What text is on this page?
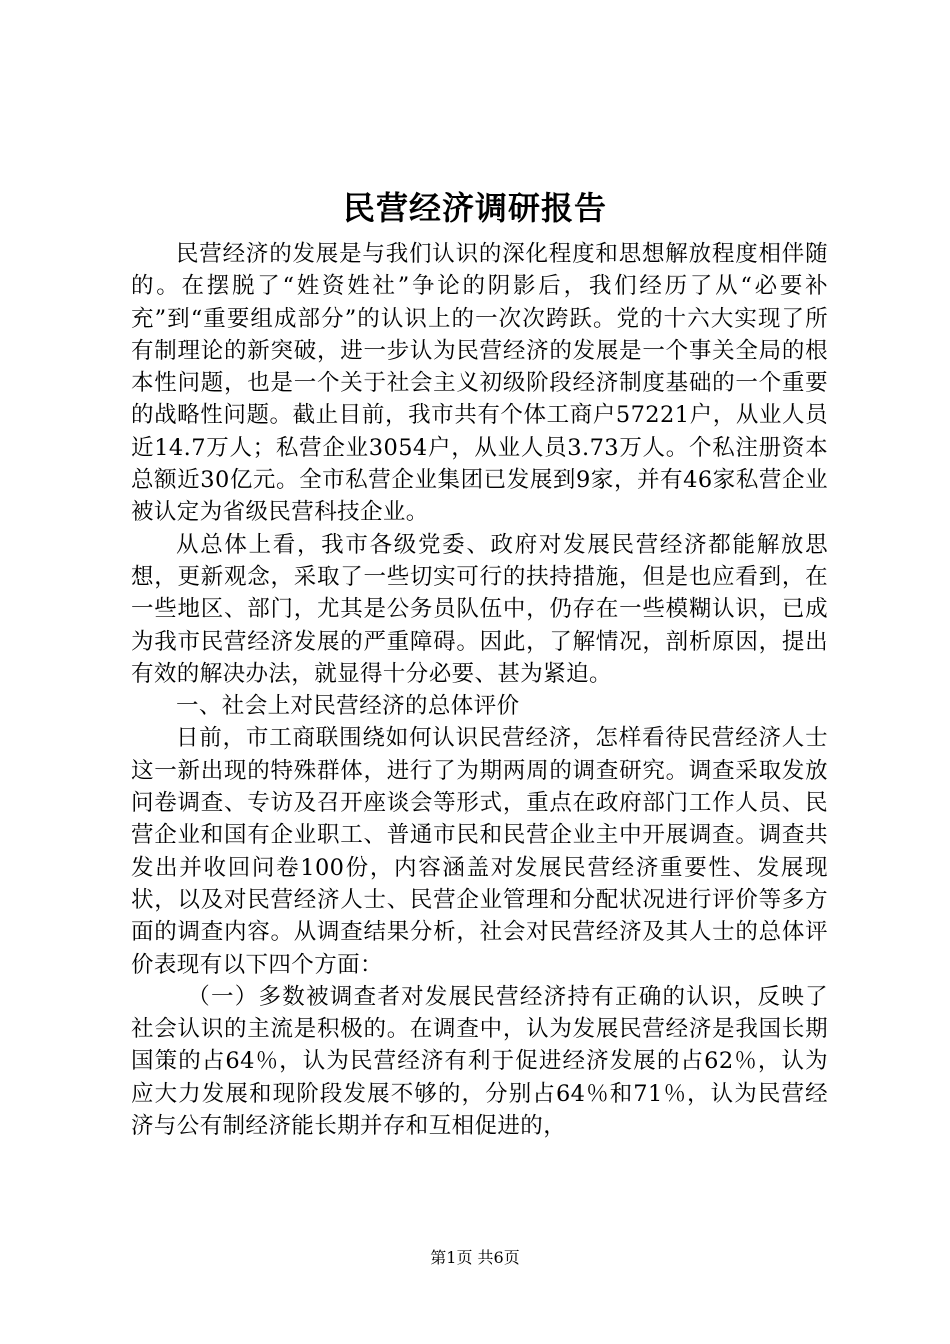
民营经济调研报告

民营经济的发展是与我们认识的深化程度和思想解放程度相伴随的。在摆脱了“姓资姓社”争论的阴影后，我们经历了从“必要补充”到“重要组成部分”的认识上的一次次跨跃。党的十六大实现了所有制理论的新突破，进一步认为民营经济的发展是一个事关全局的根本性问题，也是一个关于社会主义初级阶段经济制度基础的一个重要的战略性问题。截止目前，我市共有个体工商户57221户，从业人员近14.7万人；私营企业3054户，从业人员3.73万人。个私注册资本总额近30亿元。全市私营企业集团已发展到9家，并有46家私营企业被认定为省级民营科技企业。

从总体上看，我市各级党委、政府对发展民营经济都能解放思想，更新观念，采取了一些切实可行的扶持措施，但是也应看到，在一些地区、部门，尤其是公务员队伍中，仍存在一些模糊认识，已成为我市民营经济发展的严重障碍。因此，了解情况，剖析原因，提出有效的解决办法，就显得十分必要、甚为紧迫。

一、社会上对民营经济的总体评价

日前，市工商联围绕如何认识民营经济，怎样看待民营经济人士这一新出现的特殊群体，进行了为期两周的调查研究。调查采取发放问卷调查、专访及召开座谈会等形式，重点在政府部门工作人员、民营企业和国有企业职工、普通市民和民营企业主中开展调查。调查共发出并收回问卷100份，内容涵盖对发展民营经济重要性、发展现状，以及对民营经济人士、民营企业管理和分配状况进行评价等多方面的调查内容。从调查结果分析，社会对民营经济及其人士的总体评价表现有以下四个方面：

（一）多数被调查者对发展民营经济持有正确的认识，反映了社会认识的主流是积极的。在调查中，认为发展民营经济是我国长期国策的占64％，认为民营经济有利于促进经济发展的占62％，认为应大力发展和现阶段发展不够的，分别占64％和71％，认为民营经济与公有制经济能长期并存和互相促进的，

第1页 共6页
